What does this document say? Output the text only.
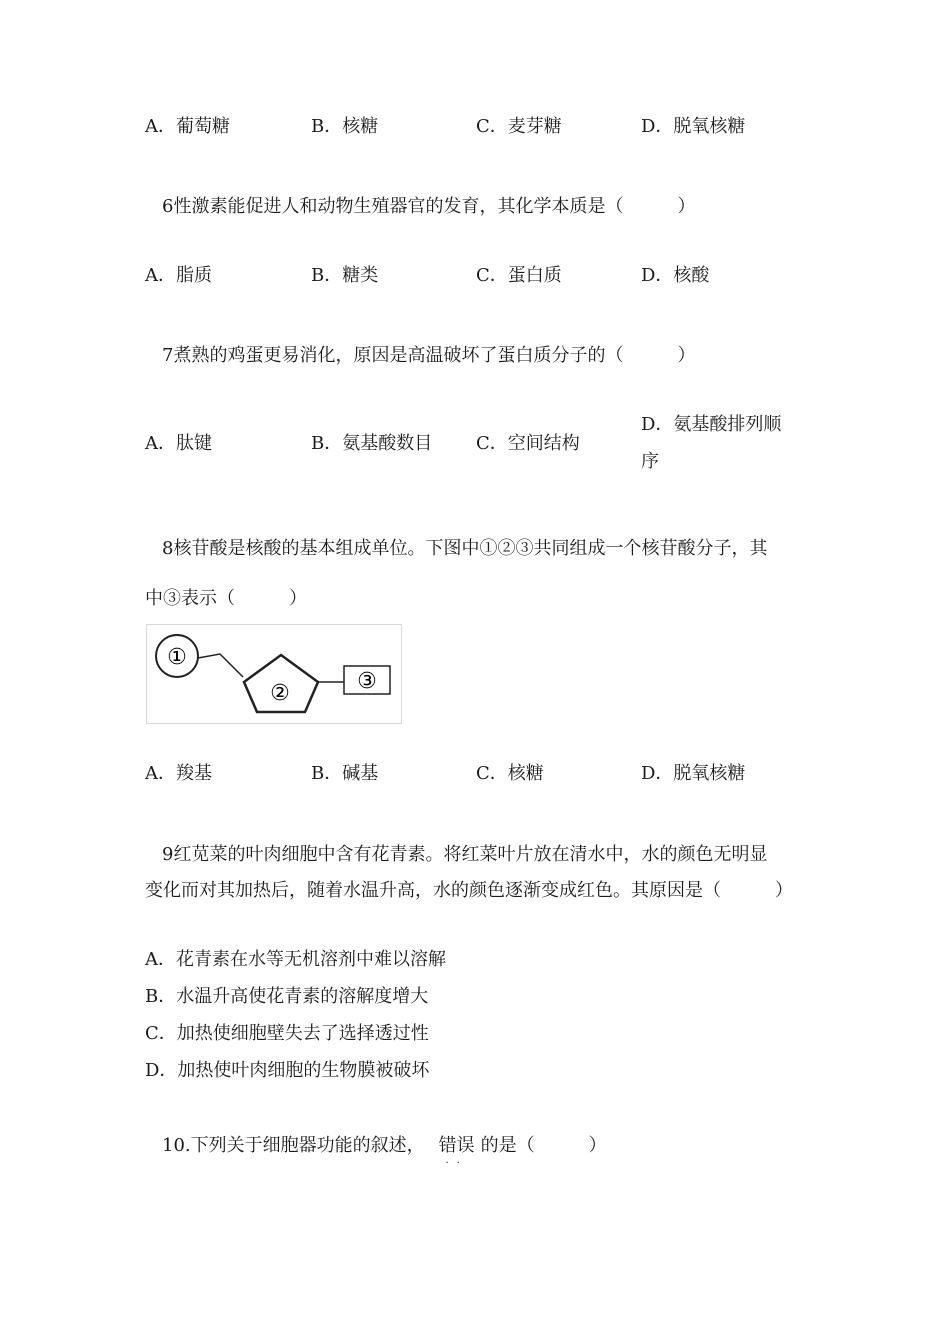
A．葡萄糖	B．核糖	C．麦芽糖	D．脱氧核糖
6性激素能促进人和动物生殖器官的发育，其化学本质是（　　　）
A．脂质	B．糖类	C．蛋白质	D．核酸
7煮熟的鸡蛋更易消化，原因是高温破坏了蛋白质分子的（　　　）
A．肽键	B．氨基酸数目 C．空间结构
D．氨基酸排列顺
序
8核苷酸是核酸的基本组成单位。下图中①②③共同组成一个核苷酸分子，其
中③表示（　　　）
①
②	③
A．羧基	B．碱基	C．核糖	D．脱氧核糖
9红苋菜的叶肉细胞中含有花青素。将红菜叶片放在清水中，水的颜色无明显
变化而对其加热后，随着水温升高，水的颜色逐渐变成红色。其原因是（　　　）
A．花青素在水等无机溶剂中难以溶解
B．水温升高使花青素的溶解度增大
C．加热使细胞壁失去了选择透过性
D．加热使叶肉细胞的生物膜被破坏
10.下列关于细胞器功能的叙述， 错误
··
的是（　　　）
